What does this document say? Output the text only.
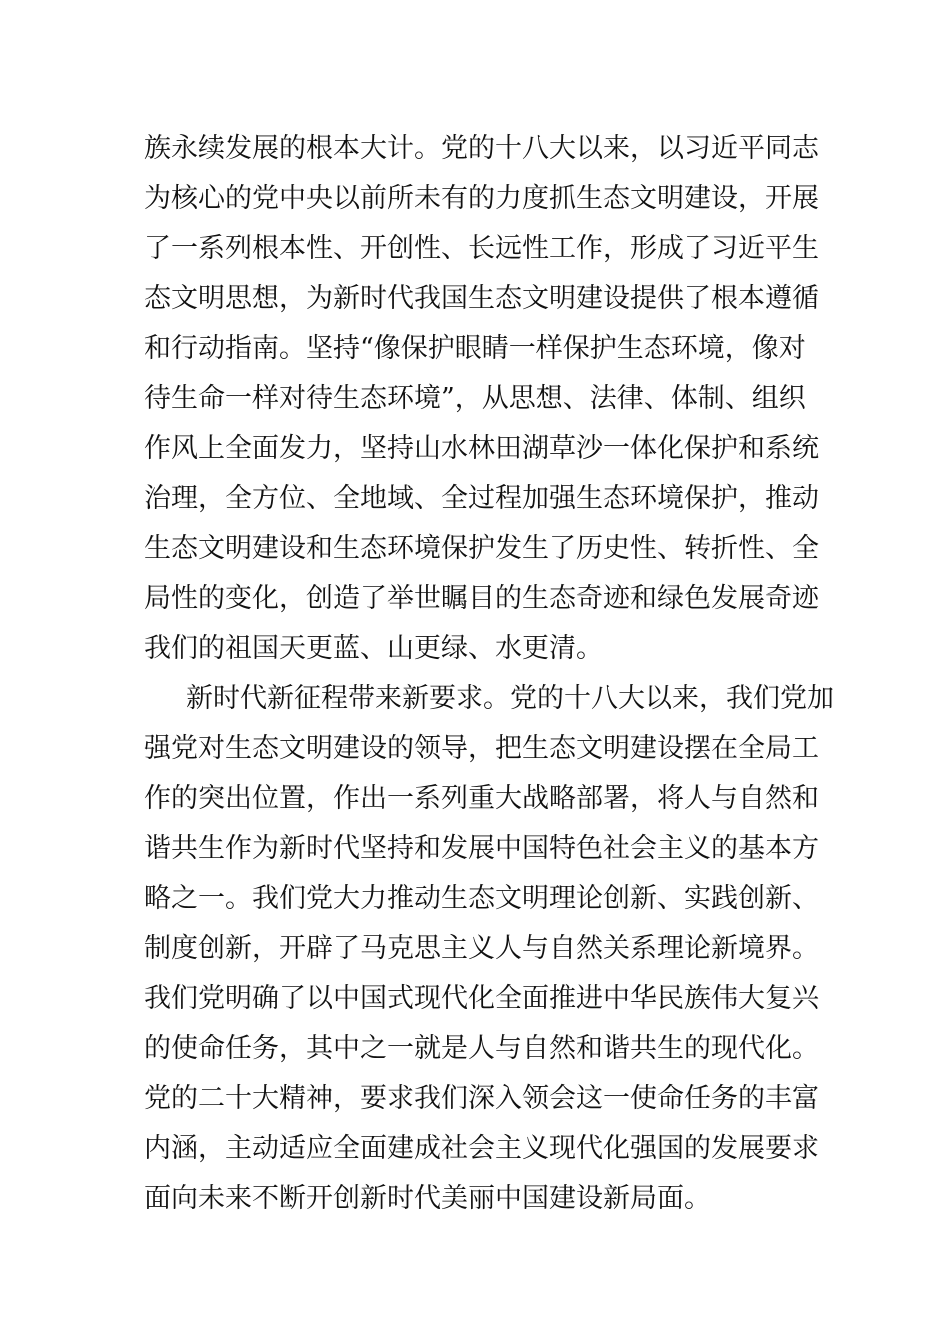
族永续发展的根本大计。党的十八大以来，以习近平同志
为核心的党中央以前所未有的力度抓生态文明建设，开展
了一系列根本性、开创性、长远性工作，形成了习近平生
态文明思想，为新时代我国生态文明建设提供了根本遵循
和行动指南。坚持“像保护眼睛一样保护生态环境，像对
待生命一样对待生态环境”，从思想、法律、体制、组织
作风上全面发力，坚持山水林田湖草沙一体化保护和系统
治理，全方位、全地域、全过程加强生态环境保护，推动
生态文明建设和生态环境保护发生了历史性、转折性、全
局性的变化，创造了举世瞩目的生态奇迹和绿色发展奇迹
我们的祖国天更蓝、山更绿、水更清。
新时代新征程带来新要求。党的十八大以来，我们党加
强党对生态文明建设的领导，把生态文明建设摆在全局工
作的突出位置，作出一系列重大战略部署，将人与自然和
谐共生作为新时代坚持和发展中国特色社会主义的基本方
略之一。我们党大力推动生态文明理论创新、实践创新、
制度创新，开辟了马克思主义人与自然关系理论新境界。
我们党明确了以中国式现代化全面推进中华民族伟大复兴
的使命任务，其中之一就是人与自然和谐共生的现代化。
党的二十大精神，要求我们深入领会这一使命任务的丰富
内涵，主动适应全面建成社会主义现代化强国的发展要求
面向未来不断开创新时代美丽中国建设新局面。
